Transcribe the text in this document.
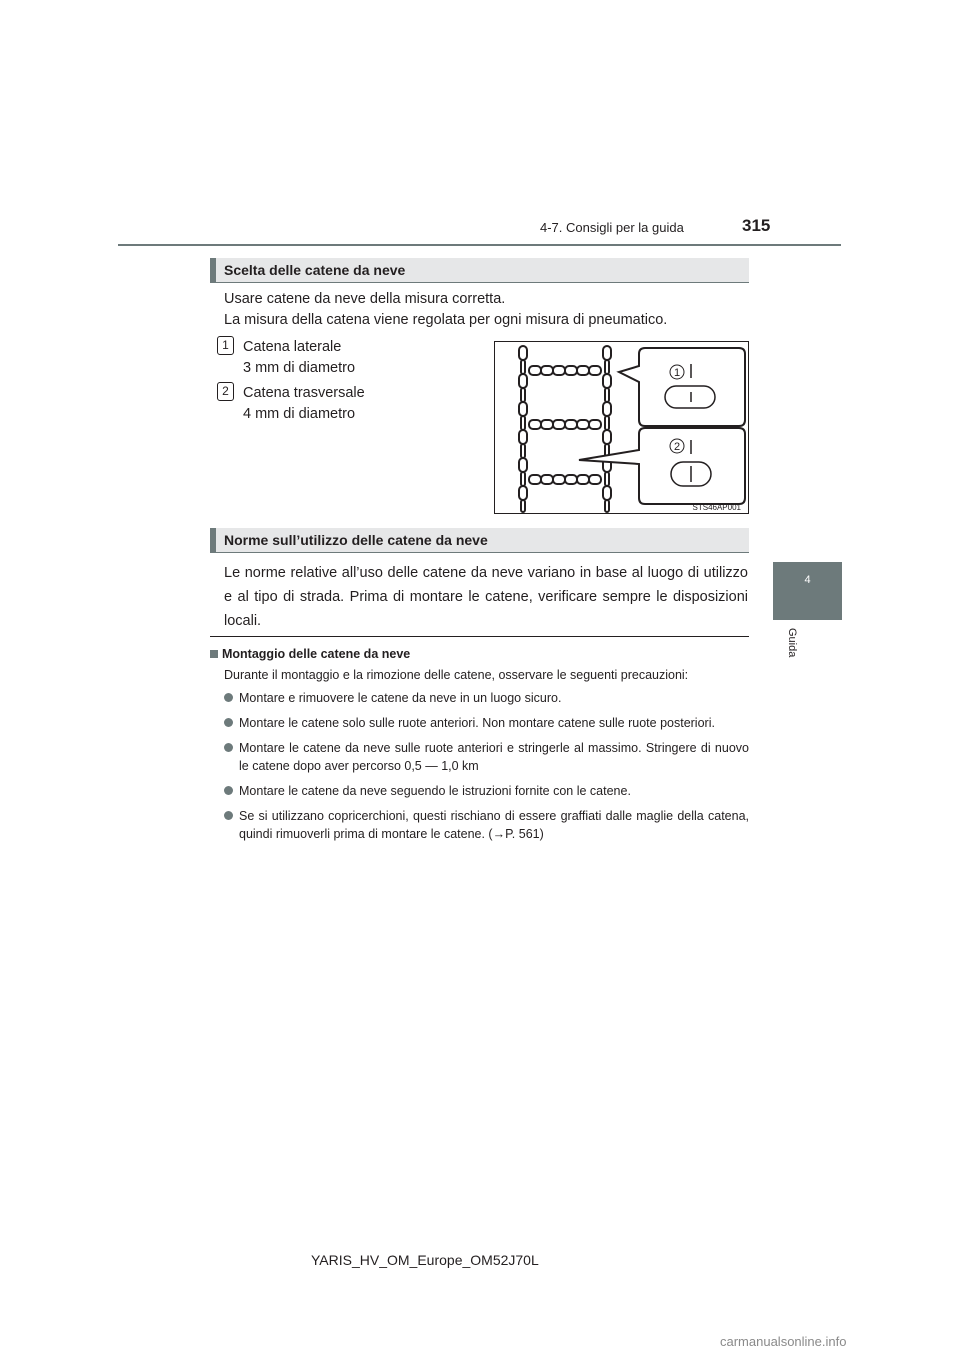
4-7. Consigli per la guida	315
4
Guida
Scelta delle catene da neve
Usare catene da neve della misura corretta.
La misura della catena viene regolata per ogni misura di pneumatico.
1 Catena laterale
3 mm di diametro
2 Catena trasversale
4 mm di diametro
1
2
STS46AP001
Norme sull’utilizzo delle catene da neve
Le norme relative all’uso delle catene da neve variano in base al luogo di utilizzo e al tipo di strada. Prima di montare le catene, verificare sempre le disposizioni locali.
Montaggio delle catene da neve
Durante il montaggio e la rimozione delle catene, osservare le seguenti precauzioni:
Montare e rimuovere le catene da neve in un luogo sicuro.
Montare le catene solo sulle ruote anteriori. Non montare catene sulle ruote posteriori.
Montare le catene da neve sulle ruote anteriori e stringerle al massimo. Stringere di nuovo le catene dopo aver percorso 0,5 — 1,0 km
Montare le catene da neve seguendo le istruzioni fornite con le catene.
Se si utilizzano copricerchioni, questi rischiano di essere graffiati dalle maglie della catena, quindi rimuoverli prima di montare le catene. (→P. 561)
YARIS_HV_OM_Europe_OM52J70L
carmanualsonline.info
